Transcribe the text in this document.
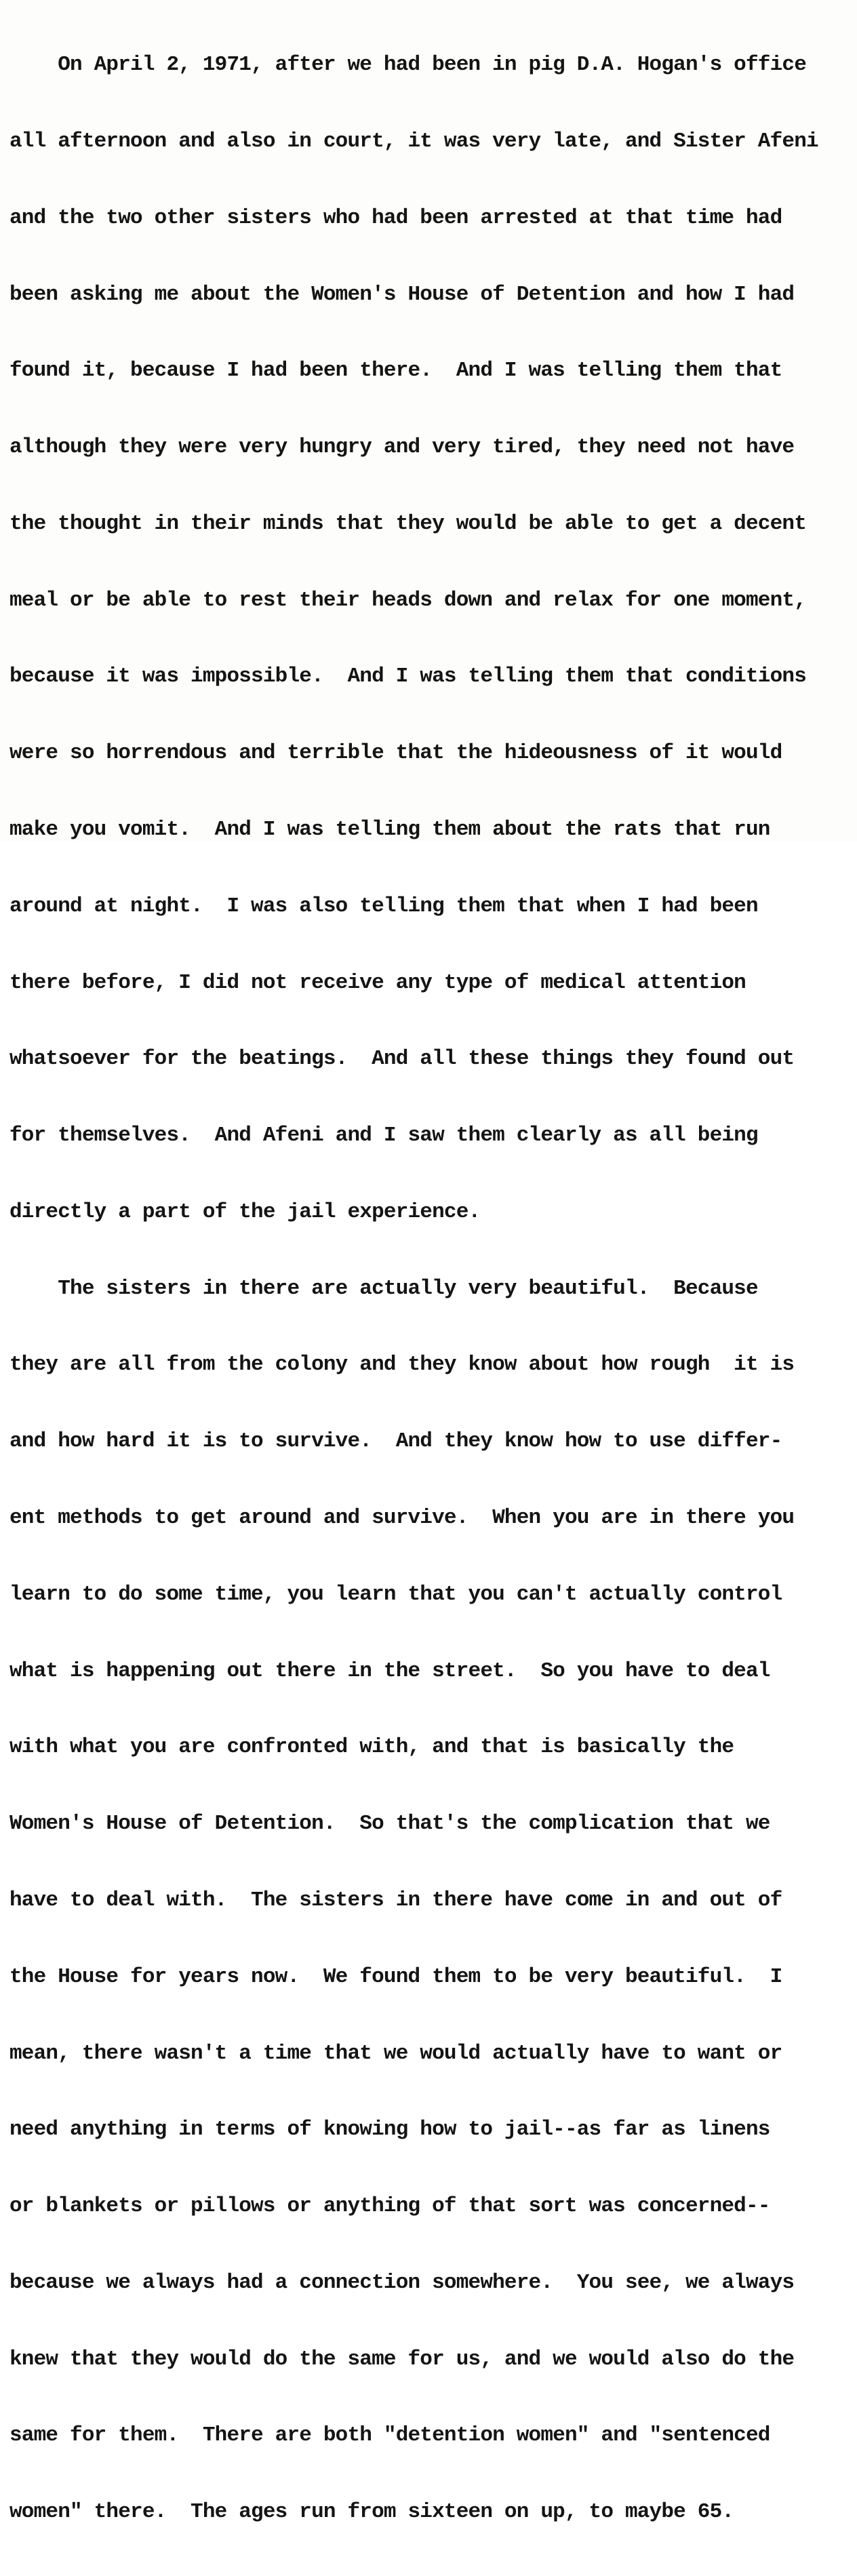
On April 2, 1971, after we had been in pig D.A. Hogan's office

all afternoon and also in court, it was very late, and Sister Afeni

and the two other sisters who had been arrested at that time had

been asking me about the Women's House of Detention and how I had

found it, because I had been there.  And I was telling them that

although they were very hungry and very tired, they need not have

the thought in their minds that they would be able to get a decent

meal or be able to rest their heads down and relax for one moment,

because it was impossible.  And I was telling them that conditions

were so horrendous and terrible that the hideousness of it would

make you vomit.  And I was telling them about the rats that run

around at night.  I was also telling them that when I had been

there before, I did not receive any type of medical attention

whatsoever for the beatings.  And all these things they found out

for themselves.  And Afeni and I saw them clearly as all being

directly a part of the jail experience.

The sisters in there are actually very beautiful.  Because

they are all from the colony and they know about how rough  it is

and how hard it is to survive.  And they know how to use differ-

ent methods to get around and survive.  When you are in there you

learn to do some time, you learn that you can't actually control

what is happening out there in the street.  So you have to deal

with what you are confronted with, and that is basically the

Women's House of Detention.  So that's the complication that we

have to deal with.  The sisters in there have come in and out of

the House for years now.  We found them to be very beautiful.  I

mean, there wasn't a time that we would actually have to want or

need anything in terms of knowing how to jail--as far as linens

or blankets or pillows or anything of that sort was concerned--

because we always had a connection somewhere.  You see, we always

knew that they would do the same for us, and we would also do the

same for them.  There are both "detention women" and "sentenced

women" there.  The ages run from sixteen on up, to maybe 65.
